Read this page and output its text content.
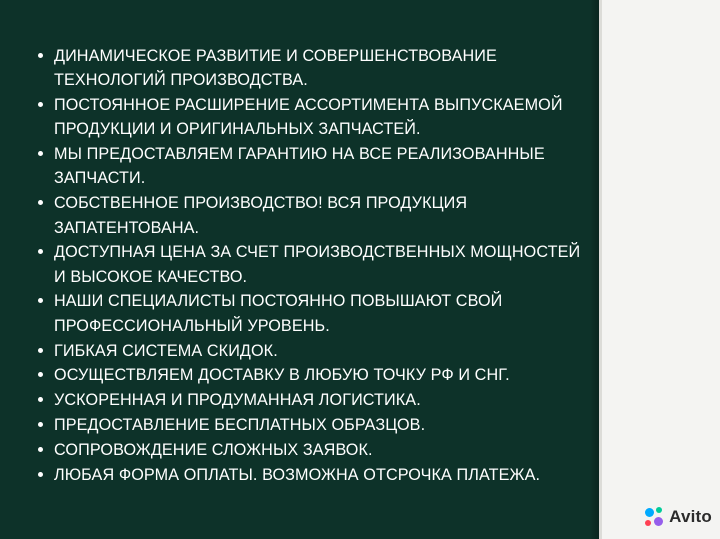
ДИНАМИЧЕСКОЕ РАЗВИТИЕ И СОВЕРШЕНСТВОВАНИЕ ТЕХНОЛОГИЙ ПРОИЗВОДСТВА.
ПОСТОЯННОЕ РАСШИРЕНИЕ АССОРТИМЕНТА ВЫПУСКАЕМОЙ ПРОДУКЦИИ И ОРИГИНАЛЬНЫХ ЗАПЧАСТЕЙ.
МЫ ПРЕДОСТАВЛЯЕМ ГАРАНТИЮ НА ВСЕ РЕАЛИЗОВАННЫЕ ЗАПЧАСТИ.
СОБСТВЕННОЕ ПРОИЗВОДСТВО! ВСЯ ПРОДУКЦИЯ ЗАПАТЕНТОВАНА.
ДОСТУПНАЯ ЦЕНА ЗА СЧЕТ ПРОИЗВОДСТВЕННЫХ МОЩНОСТЕЙ И ВЫСОКОЕ КАЧЕСТВО.
НАШИ СПЕЦИАЛИСТЫ ПОСТОЯННО ПОВЫШАЮТ СВОЙ ПРОФЕССИОНАЛЬНЫЙ УРОВЕНЬ.
ГИБКАЯ СИСТЕМА СКИДОК.
ОСУЩЕСТВЛЯЕМ ДОСТАВКУ В ЛЮБУЮ ТОЧКУ РФ И СНГ.
УСКОРЕННАЯ И ПРОДУМАННАЯ ЛОГИСТИКА.
ПРЕДОСТАВЛЕНИЕ БЕСПЛАТНЫХ ОБРАЗЦОВ.
СОПРОВОЖДЕНИЕ СЛОЖНЫХ ЗАЯВОК.
ЛЮБАЯ ФОРМА ОПЛАТЫ. ВОЗМОЖНА ОТСРОЧКА ПЛАТЕЖА.
Avito
